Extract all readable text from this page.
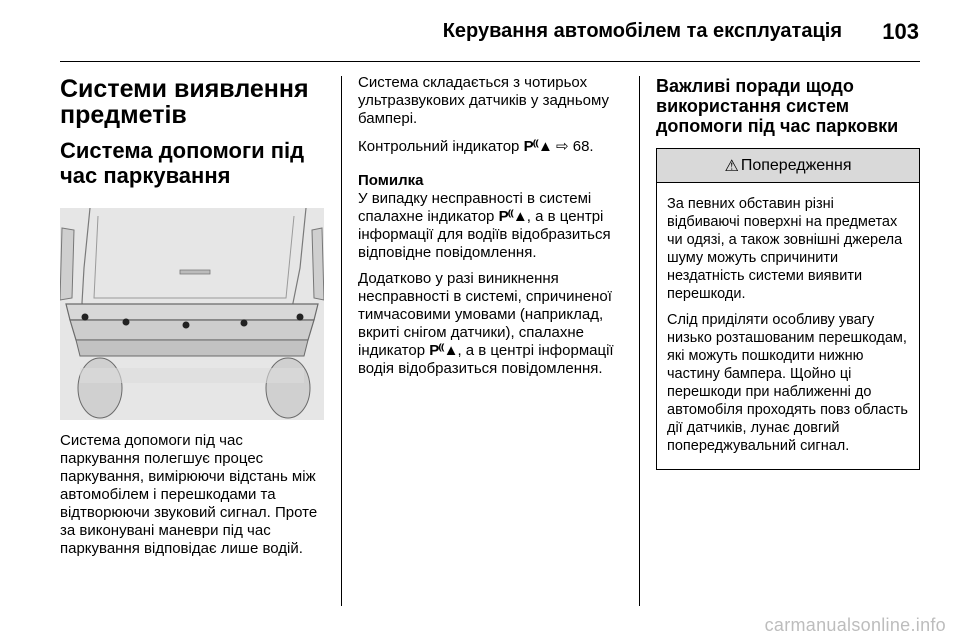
Керування автомобілем та експлуатація 103
Системи виявлення предметів
Система допомоги під час паркування
Система допомоги під час паркування полегшує процес паркування, вимірюючи відстань між автомобілем і перешкодами та відтворюючи звуковий сигнал. Проте за виконувані маневри під час паркування відповідає лише водій.
Система складається з чотирьох ультразвукових датчиків у задньому бампері.
Контрольний індикатор P⁽⁽▲ ⇨ 68.
Помилка
У випадку несправності в системі спалахне індикатор P⁽⁽▲, а в центрі інформації для водіїв відобразиться відповідне повідомлення.
Додатково у разі виникнення несправності в системі, спричиненої тимчасовими умовами (наприклад, вкриті снігом датчики), спалахне індикатор P⁽⁽▲, а в центрі інформації водія відобразиться повідомлення.
Важливі поради щодо використання систем допомоги під час парковки
⚠ Попередження
За певних обставин різні відбиваючі поверхні на предметах чи одязі, а також зовнішні джерела шуму можуть спричинити нездатність системи виявити перешкоди.
Слід приділяти особливу увагу низько розташованим перешкодам, які можуть пошкодити нижню частину бампера. Щойно ці перешкоди при наближенні до автомобіля проходять повз область дії датчиків, лунає довгий попереджувальний сигнал.
carmanualsonline.info
